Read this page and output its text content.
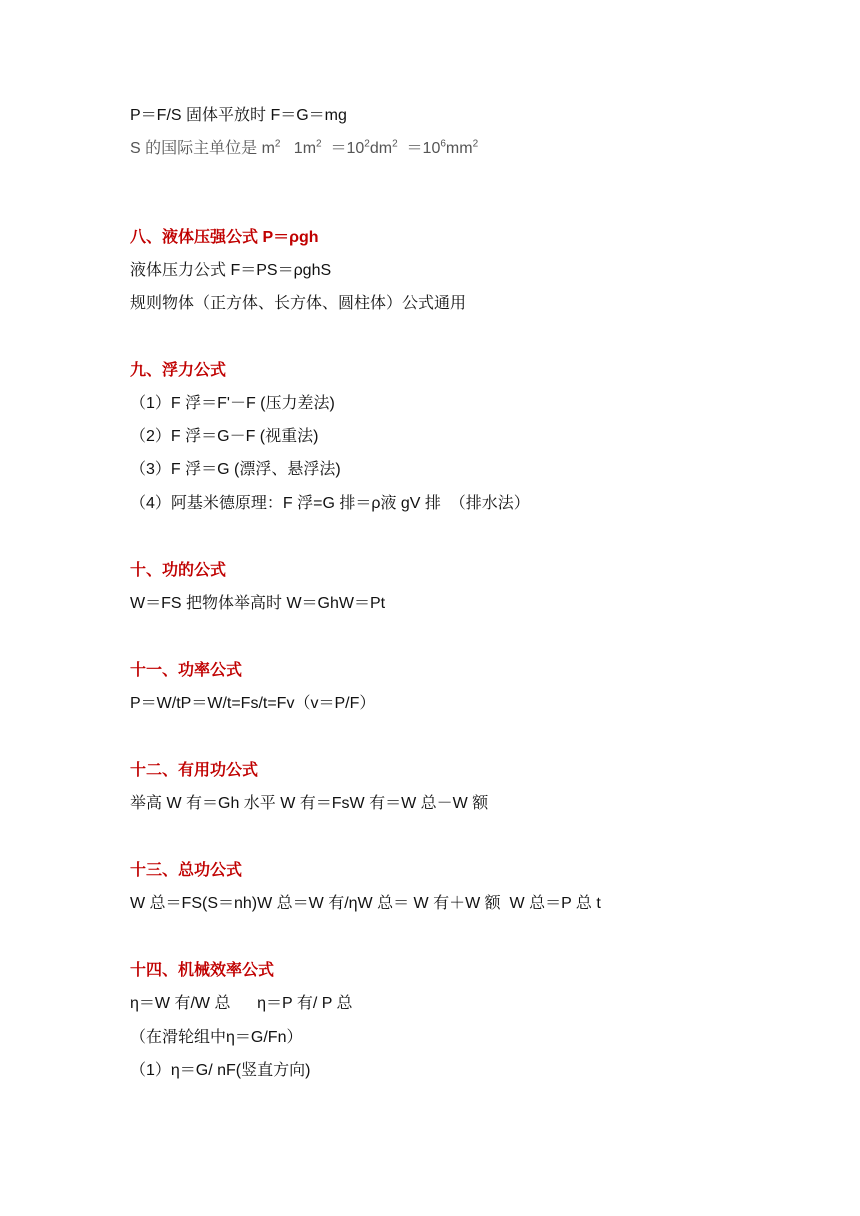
P＝F/S 固体平放时 F＝G＝mg
S 的国际主单位是 $m^2$   $1m^2 =10^2dm^2 =10^6mm^2$
八、液体压强公式 P＝ρgh
液体压力公式 F＝PS＝ρghS
规则物体（正方体、长方体、圆柱体）公式通用
九、浮力公式
（1）F 浮＝F'－F (压力差法)
（2）F 浮＝G－F (视重法)
（3）F 浮＝G (漂浮、悬浮法)
（4）阿基米德原理：F 浮=G 排＝ρ液 gV 排  （排水法）
十、功的公式
W＝FS 把物体举高时 W＝GhW＝Pt
十一、功率公式
P＝W/tP＝W/t=Fs/t=Fv（v＝P/F）
十二、有用功公式
举高 W 有＝Gh 水平 W 有＝FsW 有＝W 总－W 额
十三、总功公式
W 总＝FS(S＝nh)W 总＝W 有/ηW 总＝ W 有＋W 额  W 总＝P 总 t
十四、机械效率公式
η＝W 有/W 总      η＝P 有/ P 总
（在滑轮组中η＝G/Fn）
（1）η＝G/ nF(竖直方向)
